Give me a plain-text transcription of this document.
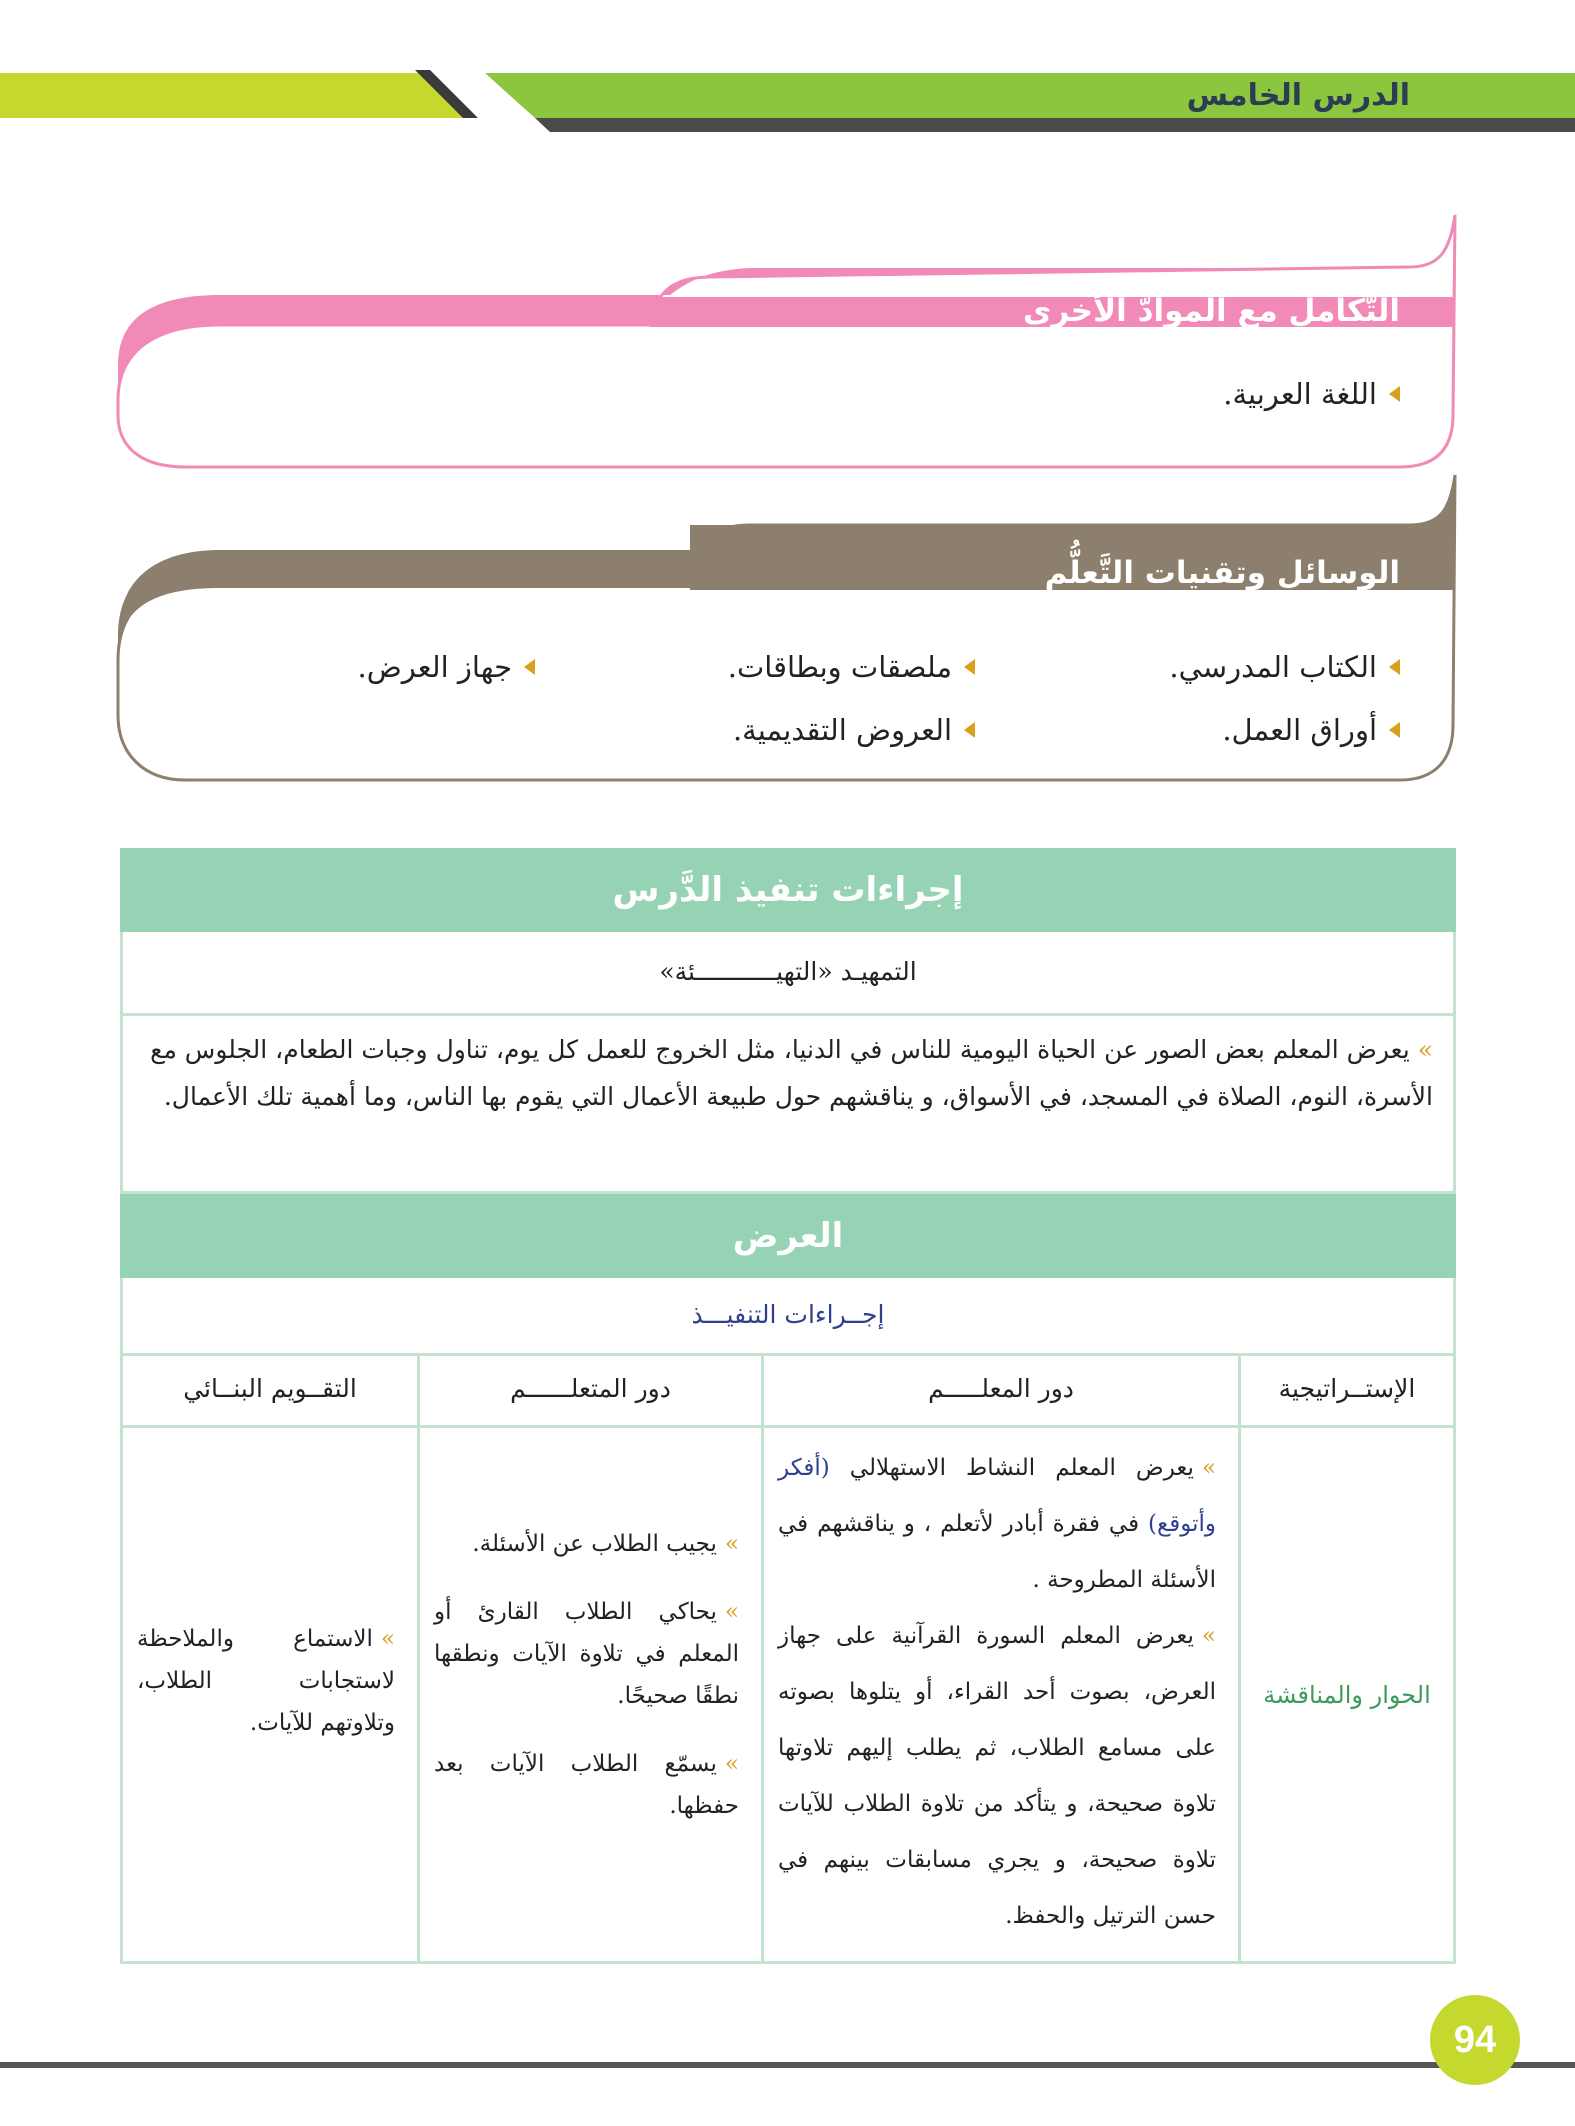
الدرس الخامس
التّكامل مع الموادّ الأُخرى
اللغة العربية.
الوسائل وتقنيات التَّعلُّم
الكتاب المدرسي.
ملصقات وبطاقات.
جهاز العرض.
أوراق العمل.
العروض التقديمية.
إجراءات تنفيذ الدَّرس
التمهيـد «التهيـــــــــــئة»
»يعرض المعلم بعض الصور عن الحياة اليومية للناس في الدنيا، مثل الخروج للعمل كل يوم، تناول وجبات الطعام، الجلوس مع الأسرة، النوم، الصلاة في المسجد، في الأسواق، و يناقشهم حول طبيعة الأعمال التي يقوم بها الناس، وما أهمية تلك الأعمال.
العرض
إجــراءات التنفيـــذ
الإستــراتيجية
دور المعلـــــم
دور المتعلــــــم
التقــويم البنــائي
الحوار والمناقشة
»يعرض المعلم النشاط الاستهلالي (أفكر وأتوقع) في فقرة أبادر لأتعلم ، و يناقشهم في الأسئلة المطروحة .
»يعرض المعلم السورة القرآنية على جهاز العرض، بصوت أحد القراء، أو يتلوها بصوته على مسامع الطلاب، ثم يطلب إليهم تلاوتها تلاوة صحيحة، و يتأكد من تلاوة الطلاب للآيات تلاوة صحيحة، و يجري مسابقات بينهم في حسن الترتيل والحفظ.
»يجيب الطلاب عن الأسئلة.
»يحاكي الطلاب القارئ أو المعلم في تلاوة الآيات ونطقها نطقًا صحيحًا.
»يسمّع الطلاب الآيات بعد حفظها.
»الاستماع والملاحظة لاستجابات الطلاب، وتلاوتهم للآيات.
94
